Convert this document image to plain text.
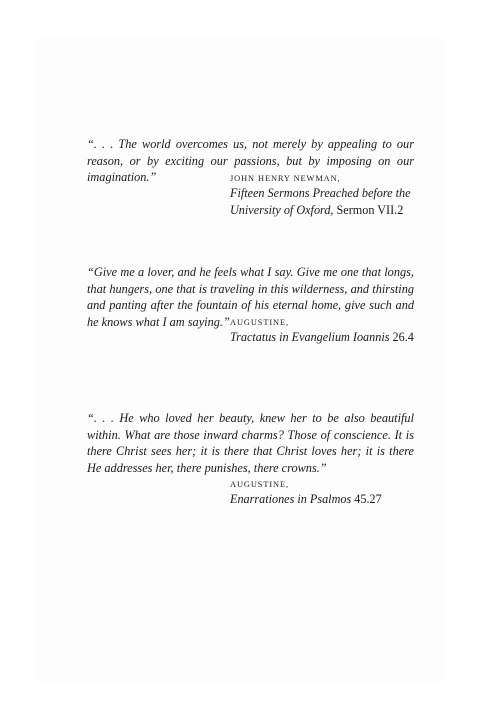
“. . . The world overcomes us, not merely by appealing to our reason, or by exciting our passions, but by imposing on our imagination.”	JOHN HENRY NEWMAN,
Fifteen Sermons Preached before the University of Oxford, Sermon VII.2

“Give me a lover, and he feels what I say. Give me one that longs, that hungers, one that is traveling in this wilderness, and thirsting and panting after the fountain of his eternal home, give such and he knows what I am saying.” AUGUSTINE,
Tractatus in Evangelium Ioannis 26.4

“. . . He who loved her beauty, knew her to be also beautiful within. What are those inward charms? Those of conscience. It is there Christ sees her; it is there that Christ loves her; it is there He addresses her, there punishes, there crowns.”

AUGUSTINE,
Enarrationes in Psalmos 45.27
